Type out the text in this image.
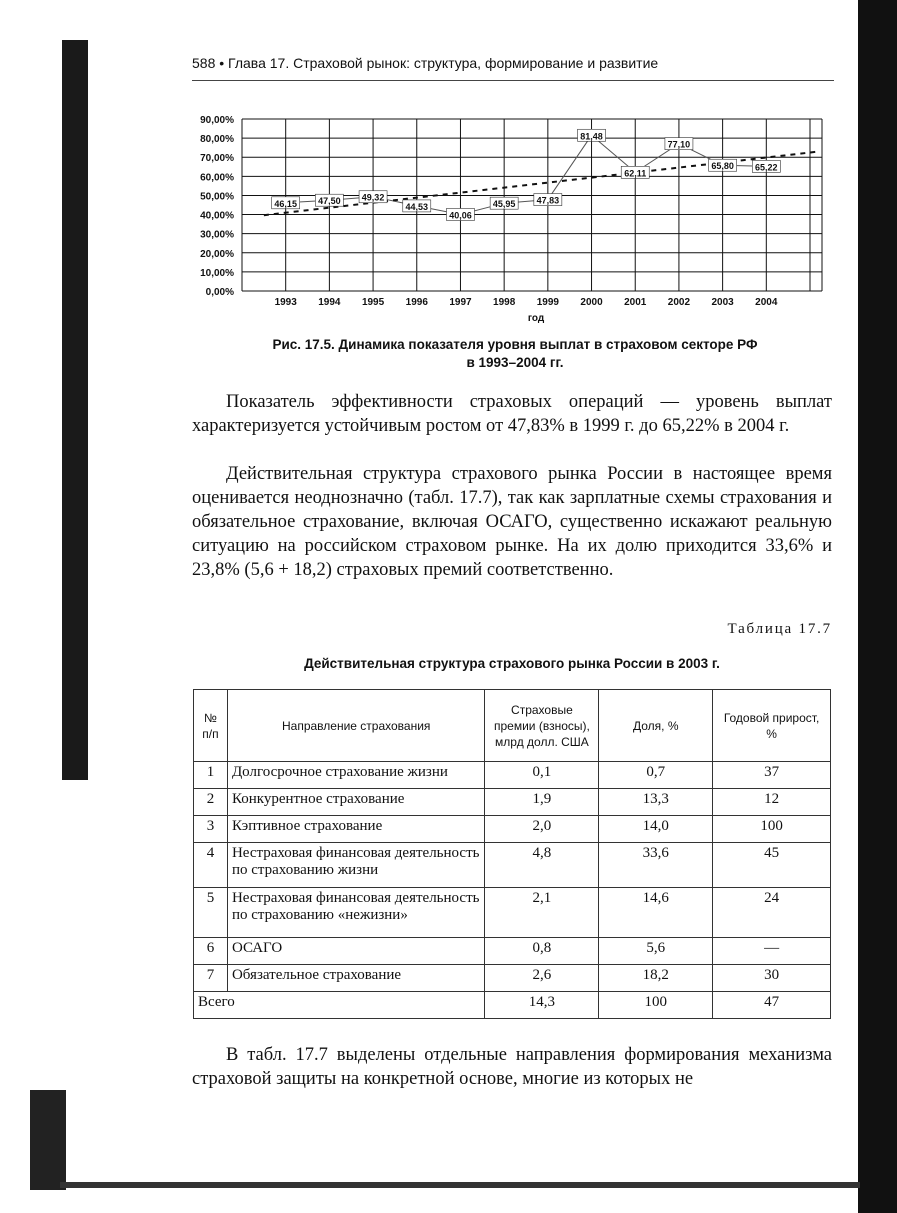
588 • Глава 17. Страховой рынок: структура, формирование и развитие
0,00%
10,00%
20,00%
30,00%
40,00%
50,00%
60,00%
70,00%
80,00%
90,00%
1993 1994 1995 1996 1997 1998 1999 2000 2001 2002 2003 2004
год
46,15 47,50 49,32
44,53
40,06
45,95 47,83
81,48
62,11
77,10
65,80 65,22
Рис. 17.5. Динамика показателя уровня выплат в страховом секторе РФ
в 1993–2004 гг.
Показатель эффективности страховых операций — уровень выплат характеризуется устойчивым ростом от 47,83% в 1999 г. до 65,22% в 2004 г.
Действительная структура страхового рынка России в настоящее время оценивается неоднозначно (табл. 17.7), так как зарплатные схемы страхования и обязательное страхование, включая ОСАГО, существенно искажают реальную ситуацию на российском страховом рынке. На их долю приходится 33,6% и 23,8% (5,6 + 18,2) страховых премий соответственно.
Таблица 17.7
Действительная структура страхового рынка России в 2003 г.
№ п/п	Направление страхования	Страховые премии (взносы), млрд долл. США	Доля, %	Годовой прирост, %
1	Долгосрочное страхование жизни	0,1	0,7	37
2	Конкурентное страхование	1,9	13,3	12
3	Кэптивное страхование	2,0	14,0	100
4	Нестраховая финансовая деятельность по страхованию жизни	4,8	33,6	45
5	Нестраховая финансовая деятельность по страхованию «нежизни»	2,1	14,6	24
6	ОСАГО	0,8	5,6	—
7	Обязательное страхование	2,6	18,2	30
Всего		14,3	100	47
В табл. 17.7 выделены отдельные направления формирования механизма страховой защиты на конкретной основе, многие из которых не
